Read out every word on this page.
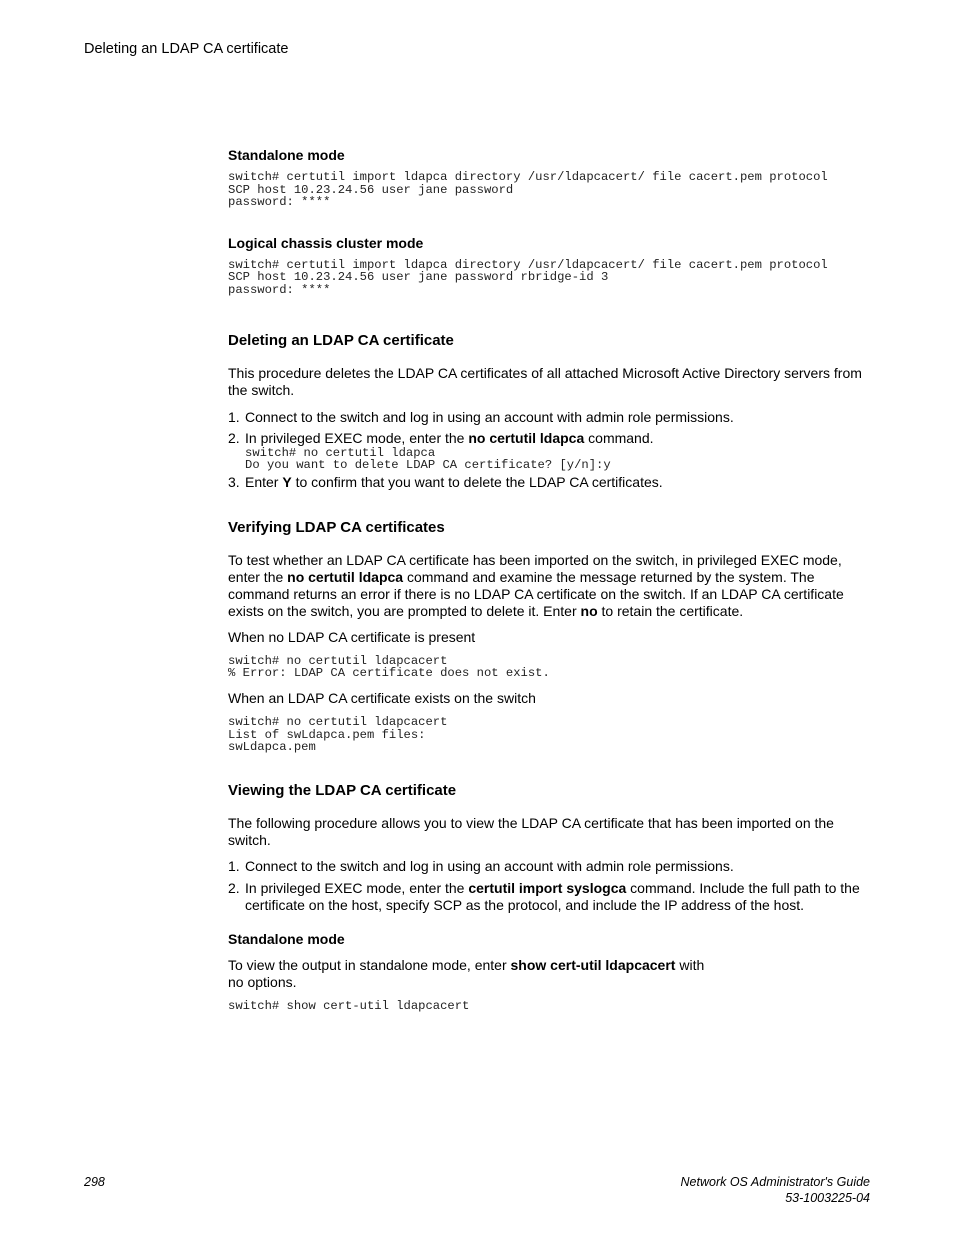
Deleting an LDAP CA certificate

Standalone mode

switch# certutil import ldapca directory /usr/ldapcacert/ file cacert.pem protocol
SCP host 10.23.24.56 user jane password
password: ****

Logical chassis cluster mode

switch# certutil import ldapca directory /usr/ldapcacert/ file cacert.pem protocol
SCP host 10.23.24.56 user jane password rbridge-id 3
password: ****
Deleting an LDAP CA certificate

This procedure deletes the LDAP CA certificates of all attached Microsoft Active Directory servers from the switch.

1. Connect to the switch and log in using an account with admin role permissions.
2. In privileged EXEC mode, enter the no certutil ldapca command.
switch# no certutil ldapca
Do you want to delete LDAP CA certificate? [y/n]:y
3. Enter Y to confirm that you want to delete the LDAP CA certificates.
Verifying LDAP CA certificates

To test whether an LDAP CA certificate has been imported on the switch, in privileged EXEC mode, enter the no certutil ldapca command and examine the message returned by the system. The command returns an error if there is no LDAP CA certificate on the switch. If an LDAP CA certificate exists on the switch, you are prompted to delete it. Enter no to retain the certificate.

When no LDAP CA certificate is present

switch# no certutil ldapcacert
% Error: LDAP CA certificate does not exist.

When an LDAP CA certificate exists on the switch

switch# no certutil ldapcacert
List of swLdapca.pem files:
swLdapca.pem
Viewing the LDAP CA certificate

The following procedure allows you to view the LDAP CA certificate that has been imported on the switch.

1. Connect to the switch and log in using an account with admin role permissions.
2. In privileged EXEC mode, enter the certutil import syslogca command. Include the full path to the certificate on the host, specify SCP as the protocol, and include the IP address of the host.

Standalone mode

To view the output in standalone mode, enter show cert-util ldapcacert with
no options.

switch# show cert-util ldapcacert
298	Network OS Administrator's Guide
53-1003225-04
